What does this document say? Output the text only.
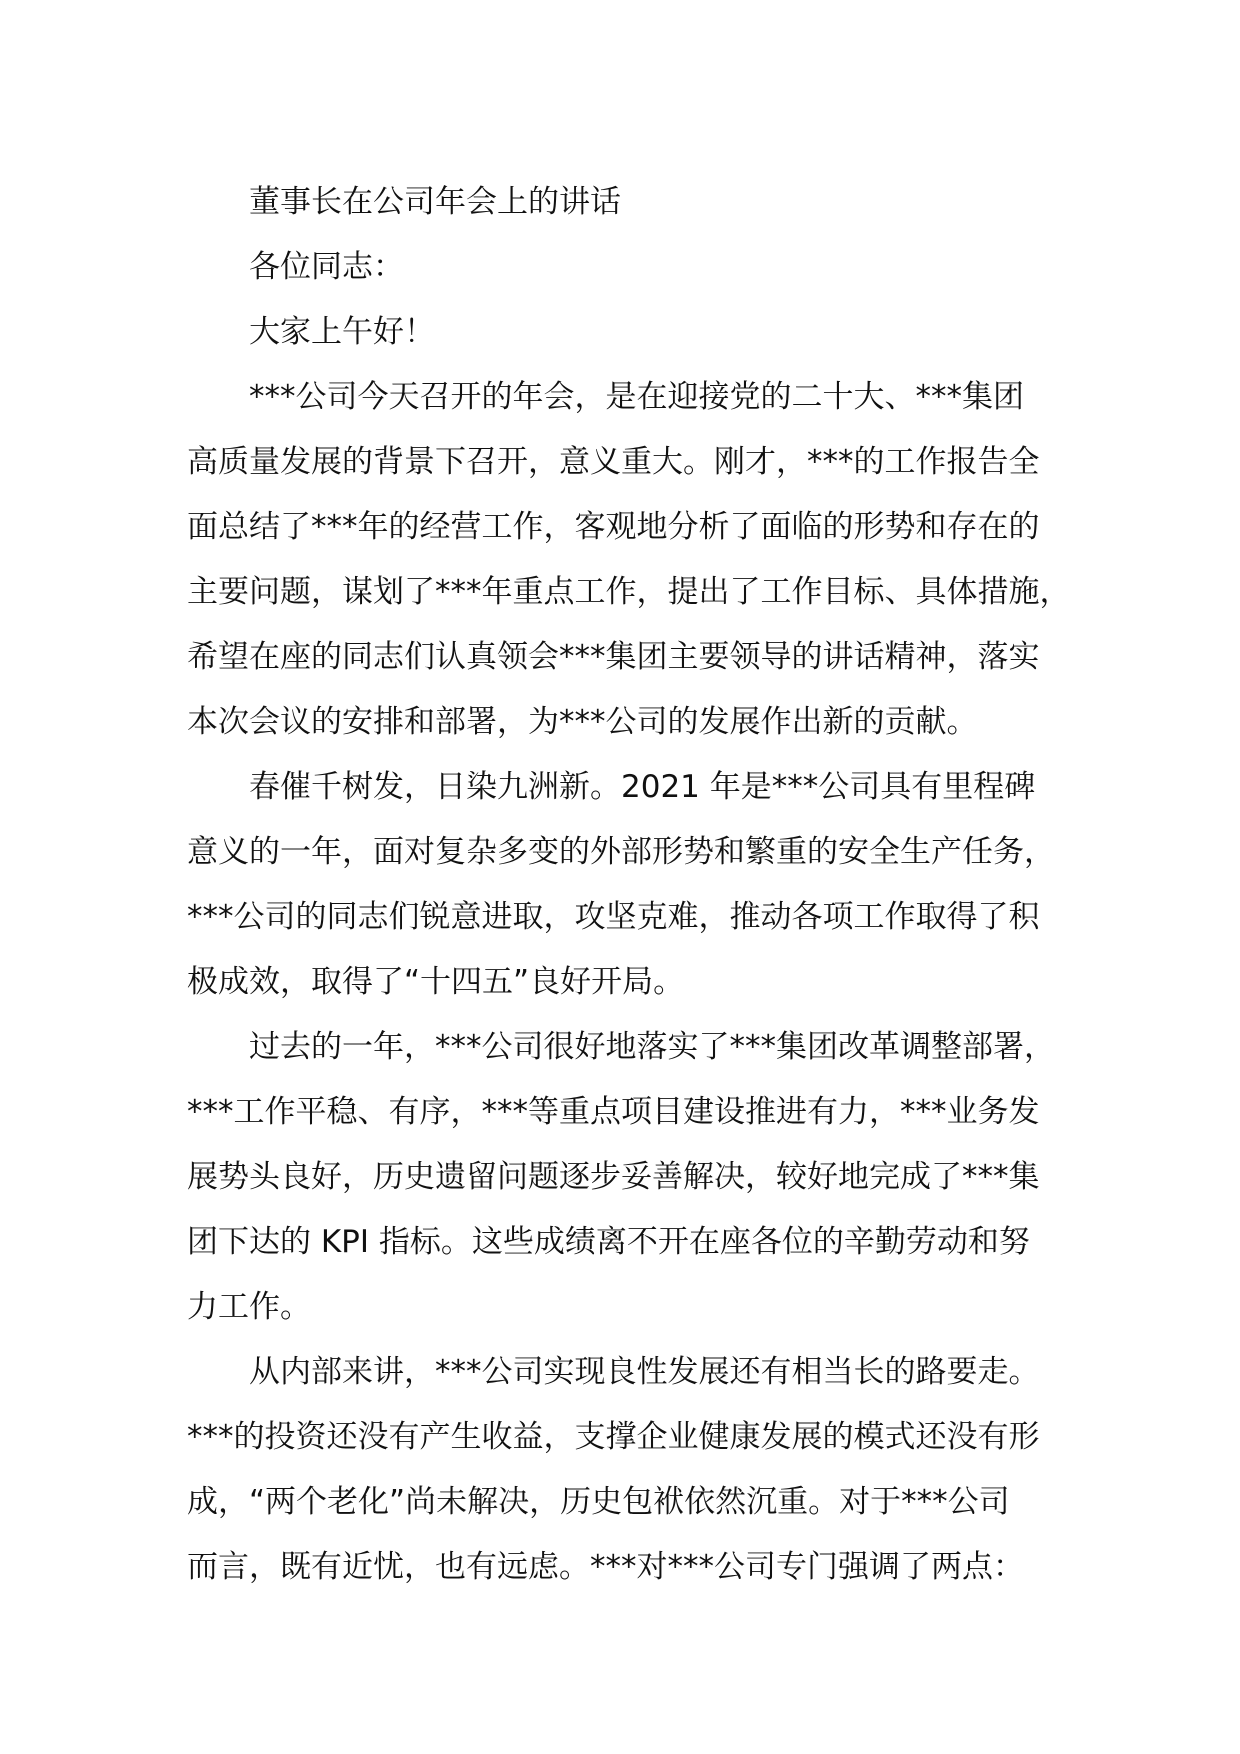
董事长在公司年会上的讲话
各位同志：
大家上午好！
***公司今天召开的年会，是在迎接党的二十大、***集团
高质量发展的背景下召开，意义重大。刚才，***的工作报告全
面总结了***年的经营工作，客观地分析了面临的形势和存在的
主要问题，谋划了***年重点工作，提出了工作目标、具体措施，
希望在座的同志们认真领会***集团主要领导的讲话精神，落实
本次会议的安排和部署，为***公司的发展作出新的贡献。
春催千树发，日染九洲新。2021 年是***公司具有里程碑
意义的一年，面对复杂多变的外部形势和繁重的安全生产任务，
***公司的同志们锐意进取，攻坚克难，推动各项工作取得了积
极成效，取得了“十四五”良好开局。
过去的一年，***公司很好地落实了***集团改革调整部署，
***工作平稳、有序，***等重点项目建设推进有力，***业务发
展势头良好，历史遗留问题逐步妥善解决，较好地完成了***集
团下达的 KPI 指标。这些成绩离不开在座各位的辛勤劳动和努
力工作。
从内部来讲，***公司实现良性发展还有相当长的路要走。
***的投资还没有产生收益，支撑企业健康发展的模式还没有形
成，“两个老化”尚未解决，历史包袱依然沉重。对于***公司
而言，既有近忧，也有远虑。***对***公司专门强调了两点：
